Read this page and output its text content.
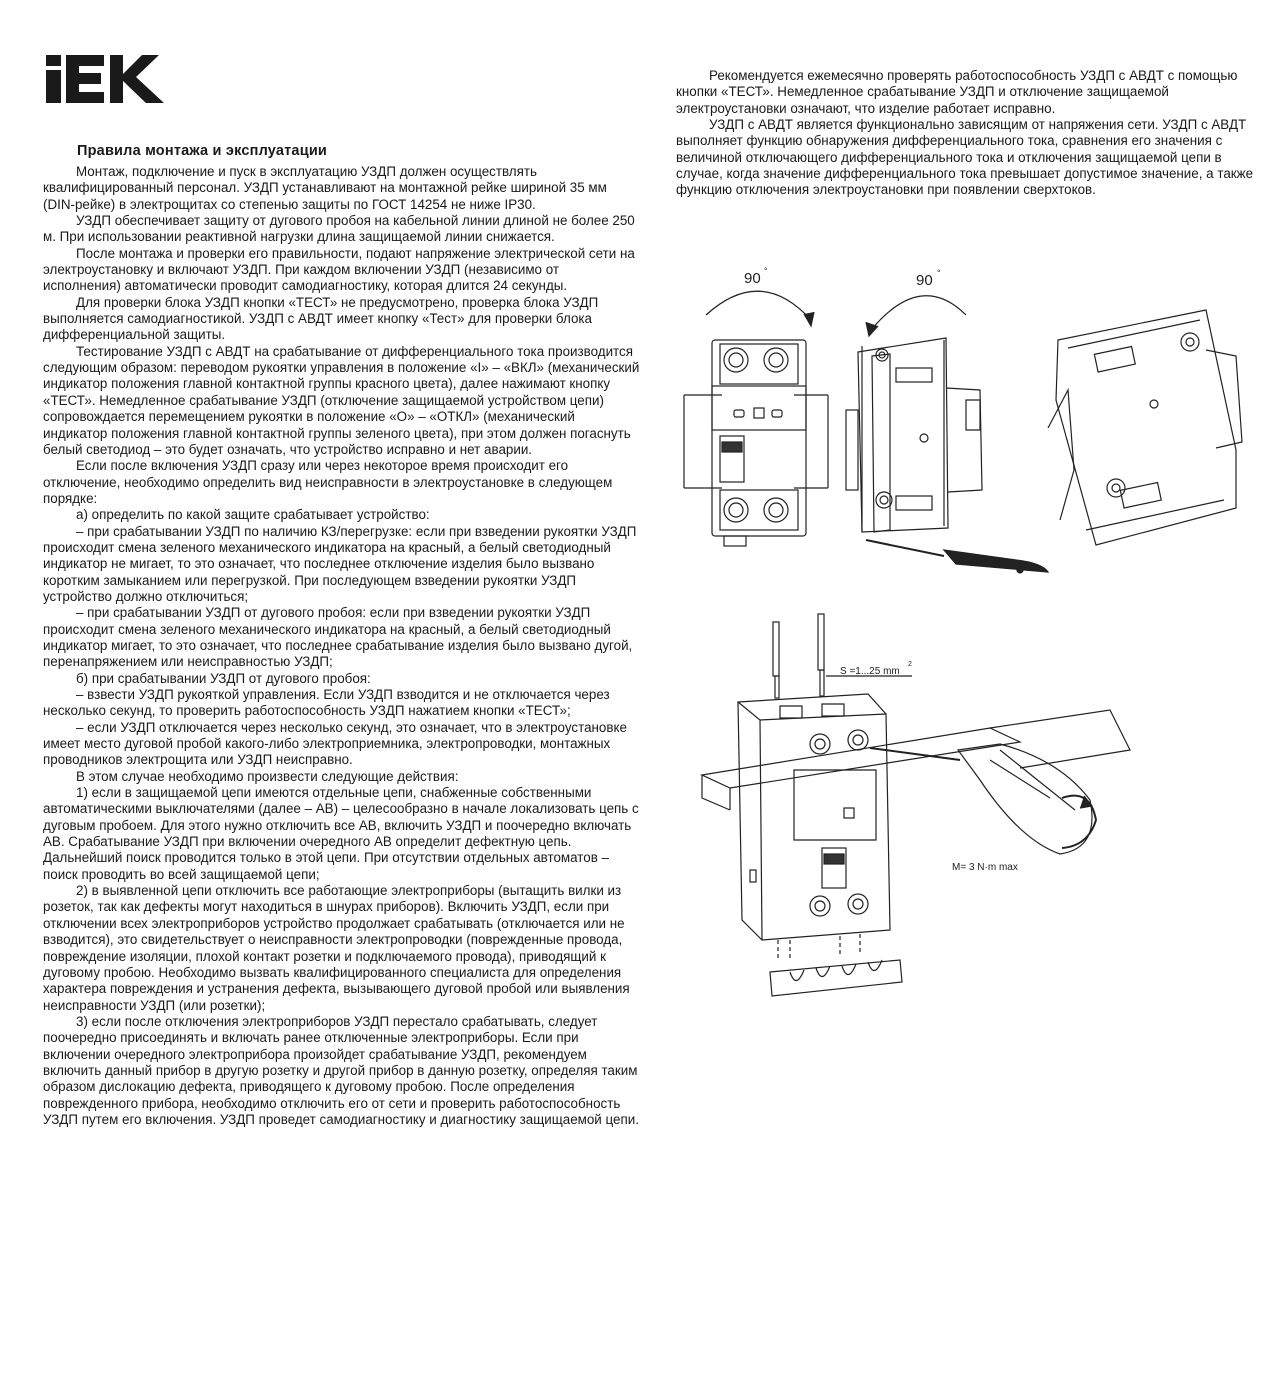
Правила монтажа и эксплуатации

Монтаж, подключение и пуск в эксплуатацию УЗДП должен осуществлять квалифицированный персонал. УЗДП устанавливают на монтажной рейке шириной 35 мм (DIN-рейке) в электрощитах со степенью защиты по ГОСТ 14254 не ниже IP30.

УЗДП обеспечивает защиту от дугового пробоя на кабельной линии длиной не более 250 м. При использовании реактивной нагрузки длина защищаемой линии снижается.

После монтажа и проверки его правильности, подают напряжение электрической сети на электроустановку и включают УЗДП. При каждом включении УЗДП (независимо от исполнения) автоматически проводит самодиагностику, которая длится 24 секунды.

Для проверки блока УЗДП кнопки «ТЕСТ» не предусмотрено, проверка блока УЗДП выполняется самодиагностикой. УЗДП с АВДТ имеет кнопку «Тест» для проверки блока дифференциальной защиты.

Тестирование УЗДП с АВДТ на срабатывание от дифференциального тока производится следующим образом: переводом рукоятки управления в положение «I» – «ВКЛ» (механический индикатор положения главной контактной группы красного цвета), далее нажимают кнопку «ТЕСТ». Немедленное срабатывание УЗДП (отключение защищаемой устройством цепи) сопровождается перемещением рукоятки в положение «O» – «ОТКЛ» (механический индикатор положения главной контактной группы зеленого цвета), при этом должен погаснуть белый светодиод – это будет означать, что устройство исправно и нет аварии.

Если после включения УЗДП сразу или через некоторое время происходит его отключение, необходимо определить вид неисправности в электроустановке в следующем порядке:

а) определить по какой защите срабатывает устройство:

– при срабатывании УЗДП по наличию КЗ/перегрузке: если при взведении рукоятки УЗДП происходит смена зеленого механического индикатора на красный, а белый светодиодный индикатор не мигает, то это означает, что последнее отключение изделия было вызвано коротким замыканием или перегрузкой. При последующем взведении рукоятки УЗДП устройство должно отключиться;

– при срабатывании УЗДП от дугового пробоя: если при взведении рукоятки УЗДП происходит смена зеленого механического индикатора на красный, а белый светодиодный индикатор мигает, то это означает, что последнее срабатывание изделия было вызвано дугой, перенапряжением или неисправностью УЗДП;

б) при срабатывании УЗДП от дугового пробоя:

– взвести УЗДП рукояткой управления. Если УЗДП взводится и не отключается через несколько секунд, то проверить работоспособность УЗДП нажатием кнопки «ТЕСТ»;

– если УЗДП отключается через несколько секунд, это означает, что в электроустановке имеет место дуговой пробой какого-либо электроприемника, электропроводки, монтажных проводников электрощита или УЗДП неисправно.

В этом случае необходимо произвести следующие действия:

1) если в защищаемой цепи имеются отдельные цепи, снабженные собственными автоматическими выключателями (далее – АВ) – целесообразно в начале локализовать цепь с дуговым пробоем. Для этого нужно отключить все АВ, включить УЗДП и поочередно включать АВ. Срабатывание УЗДП при включении очередного АВ определит дефектную цепь. Дальнейший поиск проводится только в этой цепи. При отсутствии отдельных автоматов – поиск проводить во всей защищаемой цепи;

2) в выявленной цепи отключить все работающие электроприборы (вытащить вилки из розеток, так как дефекты могут находиться в шнурах приборов). Включить УЗДП, если при отключении всех электроприборов устройство продолжает срабатывать (отключается или не взводится), это свидетельствует о неисправности электропроводки (поврежденные провода, повреждение изоляции, плохой контакт розетки и подключаемого провода), приводящий к дуговому пробою. Необходимо вызвать квалифицированного специалиста для определения характера повреждения и устранения дефекта, вызывающего дуговой пробой или выявления неисправности УЗДП (или розетки);

3) если после отключения электроприборов УЗДП перестало срабатывать, следует поочередно присоединять и включать ранее отключенные электроприборы. Если при включении очередного электроприбора произойдет срабатывание УЗДП, рекомендуем включить данный прибор в другую розетку и другой прибор в данную розетку, определяя таким образом дислокацию дефекта, приводящего к дуговому пробою. После определения поврежденного прибора, необходимо отключить его от сети и проверить работоспособность УЗДП путем его включения. УЗДП проведет самодиагностику и диагностику защищаемой цепи.

Рекомендуется ежемесячно проверять работоспособность УЗДП с АВДТ с помощью кнопки «ТЕСТ». Немедленное срабатывание УЗДП и отключение защищаемой электроустановки означают, что изделие работает исправно.

УЗДП с АВДТ является функционально зависящим от напряжения сети. УЗДП с АВДТ выполняет функцию обнаружения дифференциального тока, сравнения его значения с величиной отключающего дифференциального тока и отключения защищаемой цепи в случае, когда значение дифференциального тока превышает допустимое значение, а также функцию отключения электроустановки при появлении сверхтоков.

90 °
90 °
S =1...25 mm
2
M= 3 N·m max
